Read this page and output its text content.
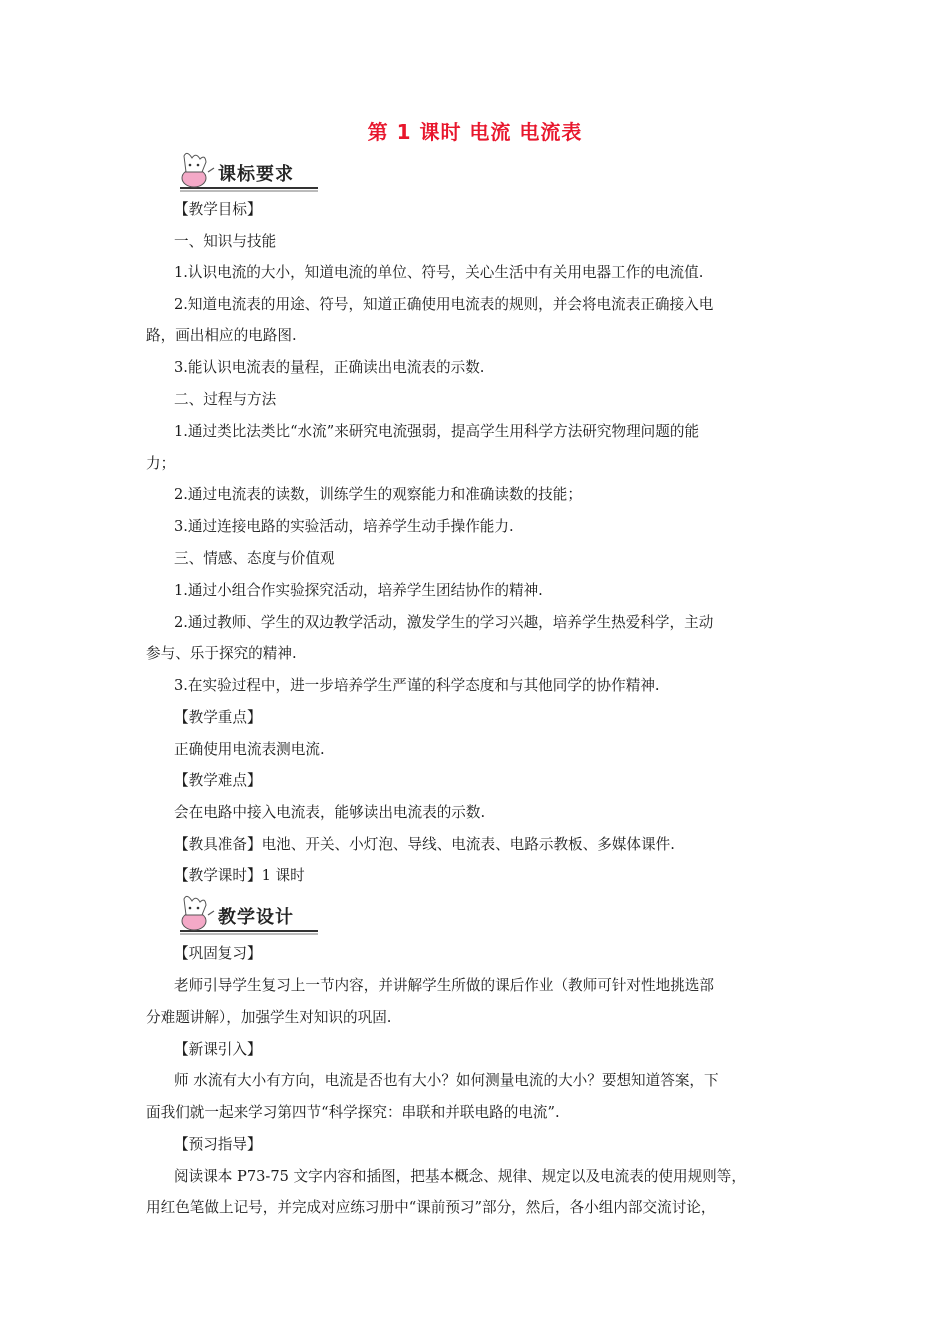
第 1 课时 电流 电流表
课标要求
教学设计
【教学目标】
一、知识与技能
1.认识电流的大小，知道电流的单位、符号，关心生活中有关用电器工作的电流值.
2.知道电流表的用途、符号，知道正确使用电流表的规则，并会将电流表正确接入电
路，画出相应的电路图.
3.能认识电流表的量程，正确读出电流表的示数.
二、过程与方法
1.通过类比法类比“水流”来研究电流强弱，提高学生用科学方法研究物理问题的能
力；
2.通过电流表的读数，训练学生的观察能力和准确读数的技能；
3.通过连接电路的实验活动，培养学生动手操作能力.
三、情感、态度与价值观
1.通过小组合作实验探究活动，培养学生团结协作的精神.
2.通过教师、学生的双边教学活动，激发学生的学习兴趣，培养学生热爱科学，主动
参与、乐于探究的精神.
3.在实验过程中，进一步培养学生严谨的科学态度和与其他同学的协作精神.
【教学重点】
正确使用电流表测电流.
【教学难点】
会在电路中接入电流表，能够读出电流表的示数.
【教具准备】电池、开关、小灯泡、导线、电流表、电路示教板、多媒体课件.
【教学课时】1 课时
【巩固复习】
老师引导学生复习上一节内容，并讲解学生所做的课后作业（教师可针对性地挑选部
分难题讲解），加强学生对知识的巩固.
【新课引入】
师 水流有大小有方向，电流是否也有大小？如何测量电流的大小？要想知道答案，下
面我们就一起来学习第四节“科学探究：串联和并联电路的电流”.
【预习指导】
阅读课本 P73-75 文字内容和插图，把基本概念、规律、规定以及电流表的使用规则等，
用红色笔做上记号，并完成对应练习册中“课前预习”部分，然后，各小组内部交流讨论，
